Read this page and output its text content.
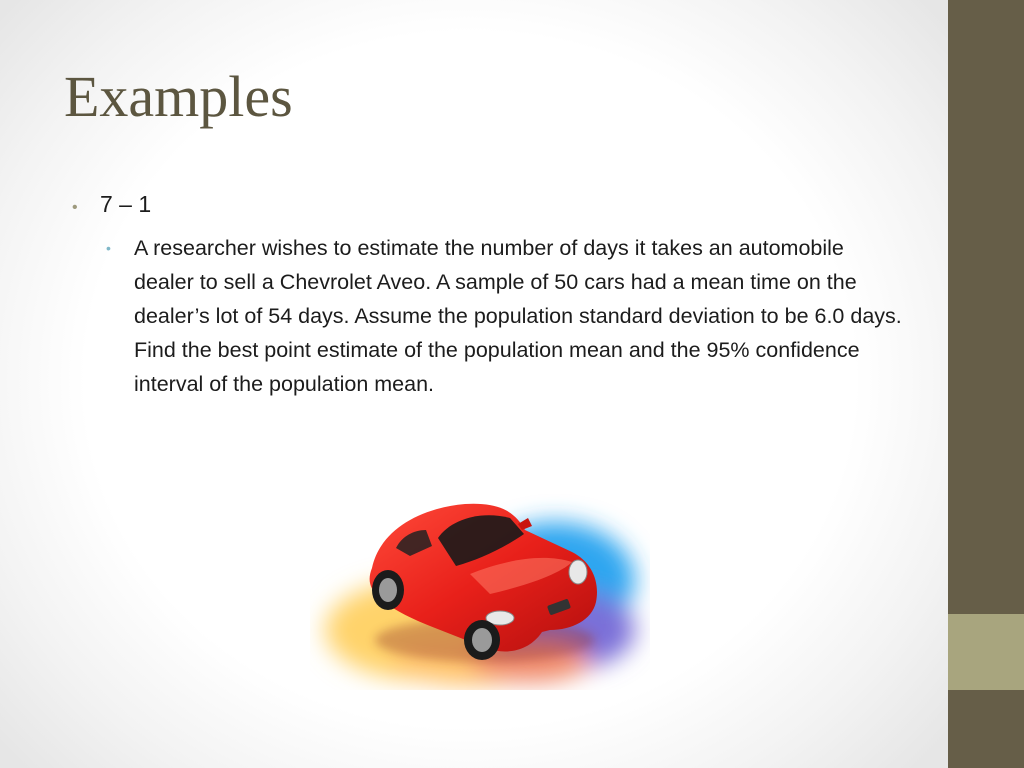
Examples
• 7 – 1
•	A researcher wishes to estimate the number of days it takes an automobile dealer to sell a Chevrolet Aveo. A sample of 50 cars had a mean time on the dealer’s lot of 54 days. Assume the population standard deviation to be 6.0 days. Find the best point estimate of the population mean and the 95% confidence interval of the population mean.
